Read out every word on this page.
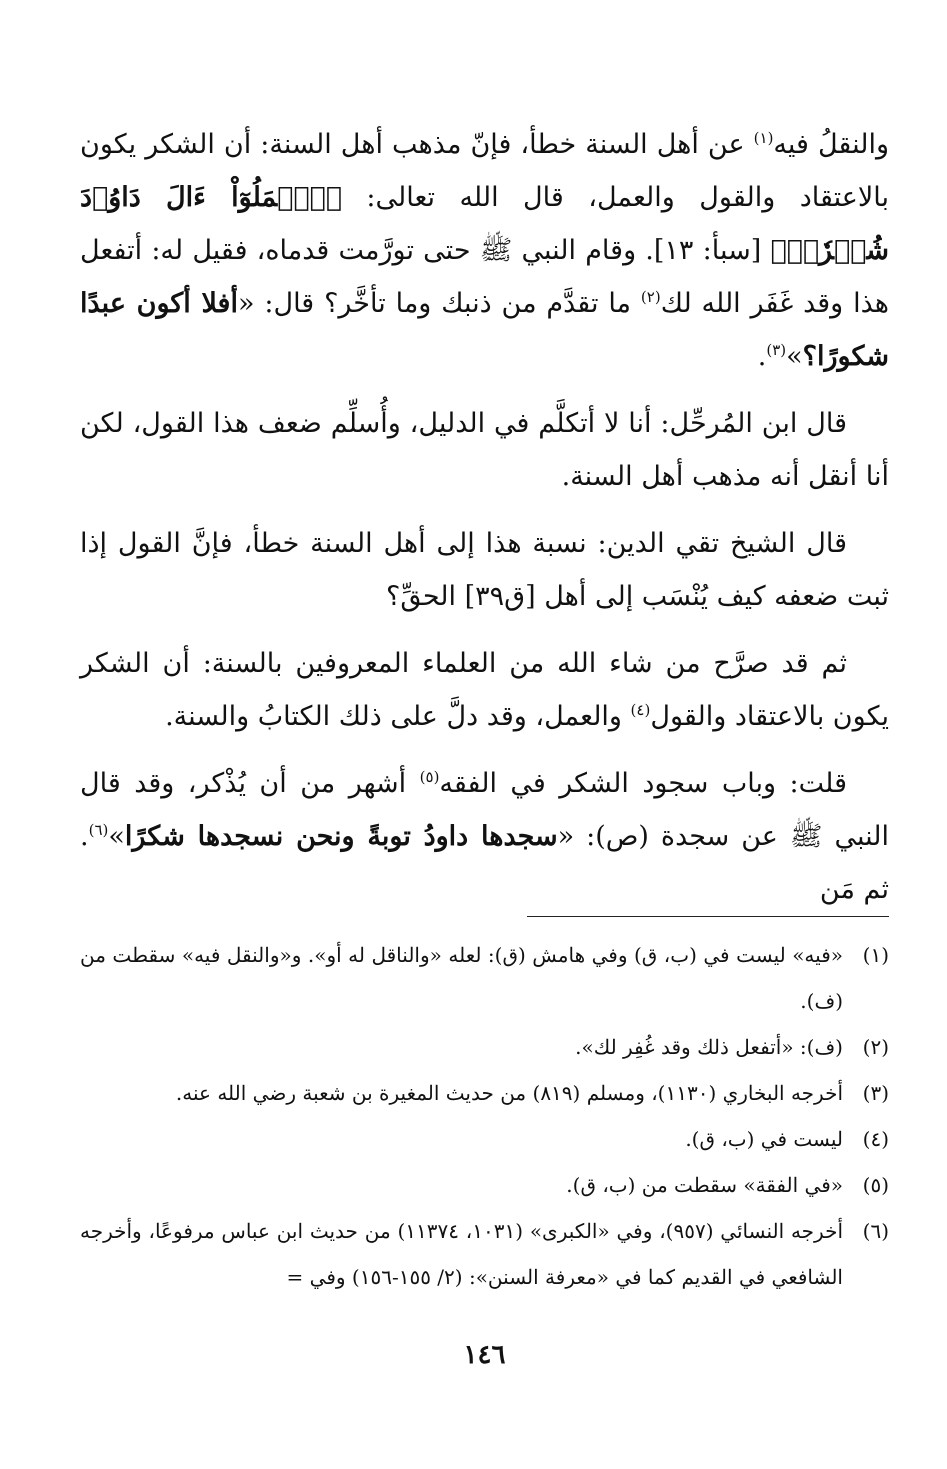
والنقلُ فيه$^{(١)}$ عن أهل السنة خطأ، فإنّ مذهب أهل السنة: أن الشكر يكون بالاعتقاد والقول والعمل، قال الله تعالى: ﴿ٱعۡمَلُوٓاْ ءَالَ دَاوُۥدَ شُكۡرٗاۚ﴾ [سبأ: ١٣]. وقام النبي ﷺ حتى تورَّمت قدماه، فقيل له: أتفعل هذا وقد غَفَر الله لك$^{(٢)}$ ما تقدَّم من ذنبك وما تأخَّر؟ قال: «أفلا أكون عبدًا شكورًا؟»$^{(٣)}$.

قال ابن المُرحِّل: أنا لا أتكلَّم في الدليل، وأُسلِّم ضعف هذا القول، لكن أنا أنقل أنه مذهب أهل السنة.

قال الشيخ تقي الدين: نسبة هذا إلى أهل السنة خطأ، فإنَّ القول إذا ثبت ضعفه كيف يُنْسَب إلى أهل [ق٣٩] الحقِّ؟

ثم قد صرَّح من شاء الله من العلماء المعروفين بالسنة: أن الشكر يكون بالاعتقاد والقول$^{(٤)}$ والعمل، وقد دلَّ على ذلك الكتابُ والسنة.

قلت: وباب سجود الشكر في الفقه$^{(٥)}$ أشهر من أن يُذْكر، وقد قال النبي ﷺ عن سجدة (ص): «سجدها داودُ توبةً ونحن نسجدها شكرًا»$^{(٦)}$. ثم مَن

(١)
«فيه» ليست في (ب، ق) وفي هامش (ق): لعله «والناقل له أو». و«والنقل فيه» سقطت من (ف).
(٢)
(ف): «أتفعل ذلك وقد غُفِر لك».
(٣)
أخرجه البخاري (١١٣٠)، ومسلم (٨١٩) من حديث المغيرة بن شعبة رضي الله عنه.
(٤)
ليست في (ب، ق).
(٥)
«في الفقة» سقطت من (ب، ق).
(٦)
أخرجه النسائي (٩٥٧)، وفي «الكبرى» (١٠٣١، ١١٣٧٤) من حديث ابن عباس مرفوعًا، وأخرجه الشافعي في القديم كما في «معرفة السنن»: (٢/ ١٥٥-١٥٦) وفي =
١٤٦
